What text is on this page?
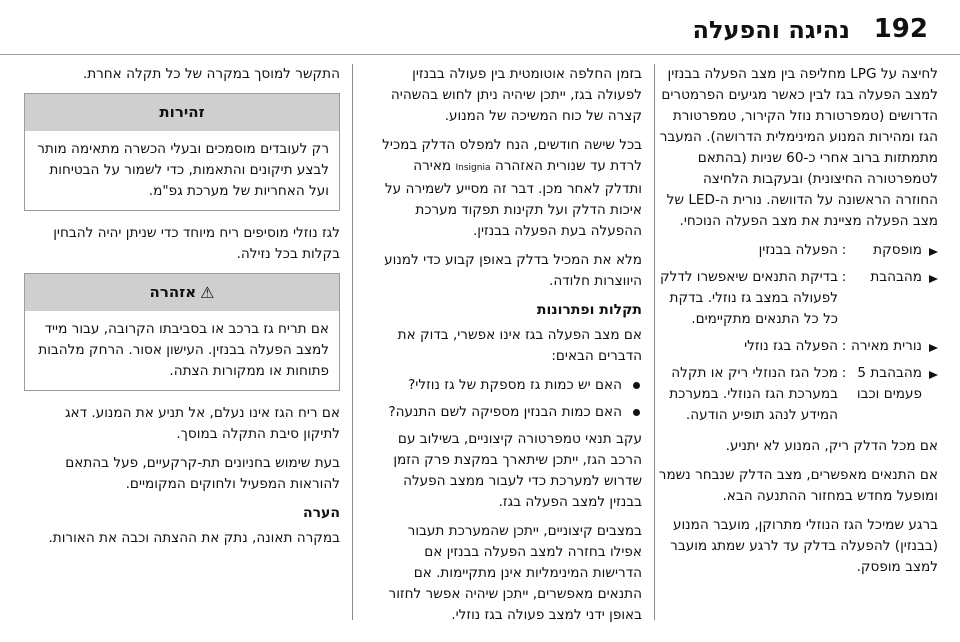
נהיגה והפעלה 192

לחיצה על LPG מחליפה בין מצב הפעלה בבנזין למצב הפעלה בגז לבין כאשר מגיעים הפרמטרים הדרושים (טמפרטורת נוזל הקירור, טמפרטורת הגז ומהירות המנוע המינימלית הדרושה). המעבר מתמתזות ברוב אחרי כ-60 שניות (בהתאם לטמפרטורה החיצונית) ובעקבות הלחיצה החוזרה הראשונה על הדוושה. נורית ה-LED של מצב הפעלה מציינת את מצב הפעלה הנוכחי.

מופסקת
:
הפעלה בבנזין
מהבהבת
:
בדיקת התנאים שיאפשרו לדלק לפעולה במצב גז נוזלי. בדקת כל כל התנאים מתקיימים.
נורית מאירה
:
הפעלה בגז נוזלי
מהבהבת 5 פעמים וכבו
:
מכל הגז הנוזלי ריק או תקלה במערכת הגז הנוזלי. במערכת המידע לנהג תופיע הודעה.

אם מכל הדלק ריק, המנוע לא יתניע.

אם התנאים מאפשרים, מצב הדלק שנבחר נשמר ומופעל מחדש במחזור ההתנעה הבא.

ברגע שמיכל הגז הנוזלי מתרוקן, מועבר המנוע (בבנזין) להפעלה בדלק עד לרגע שמתג מועבר למצב מופסק.

בזמן החלפה אוטומטית בין פעולה בבנזין לפעולה בגז, ייתכן שיהיה ניתן לחוש בהשהיה קצרה של כוח המשיכה של המנוע.

בכל שישה חודשים, הנח למפלס הדלק במכיל לרדת עד שנורית האזהרה Insignia מאירה ותדלק לאחר מכן. דבר זה מסייע לשמירה על איכות הדלק ועל תקינות תפקוד מערכת ההפעלה בעת הפעלה בבנזין.

מלא את המכיל בדלק באופן קבוע כדי למנוע היווצרות חלודה.

תקלות ופתרונות

אם מצב הפעלה בגז אינו אפשרי, בדוק את הדברים הבאים:

האם יש כמות גז מספקת של גז נוזלי?
האם כמות הבנזין מספיקה לשם התנעה?

עקב תנאי טמפרטורה קיצוניים, בשילוב עם הרכב הגז, ייתכן שיתארך במקצת פרק הזמן שדרוש למערכת כדי לעבור ממצב הפעלה בבנזין למצב הפעלה בגז.

במצבים קיצוניים, ייתכן שהמערכת תעבור אפילו בחזרה למצב הפעלה בבנזין אם הדרישות המינימליות אינן מתקיימות. אם התנאים מאפשרים, ייתכן שיהיה אפשר לחזור באופן ידני למצב פעולה בגז נוזלי.

התקשר למוסך במקרה של כל תקלה אחרת.

זהירות
רק לעובדים מוסמכים ובעלי הכשרה מתאימה מותר לבצע תיקונים והתאמות, כדי לשמור על הבטיחות ועל האחריות של מערכת גפ"מ.

לגז נוזלי מוסיפים ריח מיוחד כדי שניתן יהיה להבחין בקלות בכל נזילה.

⚠
אזהרה
אם תריח גז ברכב או בסביבתו הקרובה, עבור מייד למצב הפעלה בבנזין. העישון אסור. הרחק מלהבות פתוחות או ממקורות הצתה.

אם ריח הגז אינו נעלם, אל תניע את המנוע. דאג לתיקון סיבת התקלה במוסך.

בעת שימוש בחניונים תת-קרקעיים, פעל בהתאם להוראות המפעיל ולחוקים המקומיים.

הערה

במקרה תאונה, נתק את ההצתה וכבה את האורות.
